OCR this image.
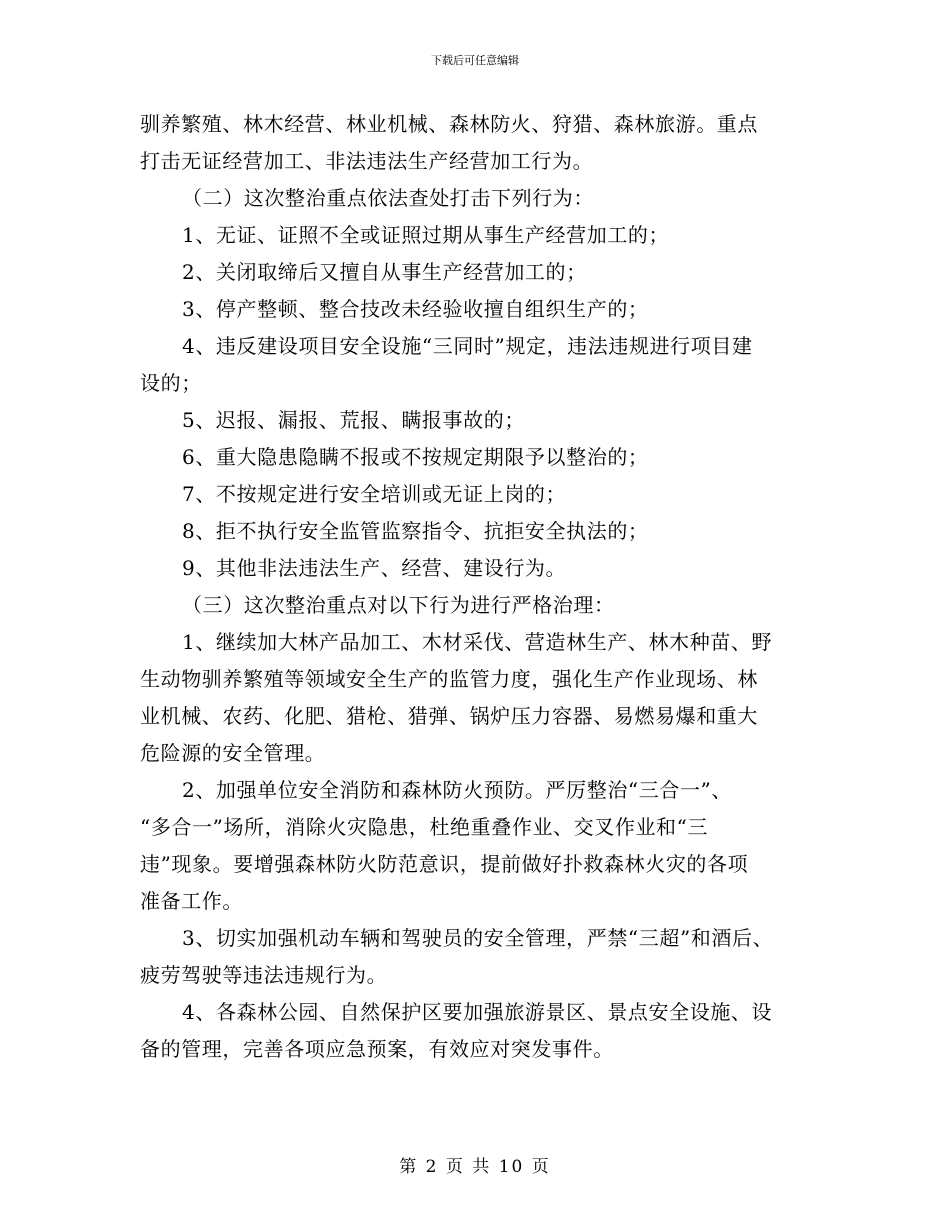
下载后可任意编辑

驯养繁殖、林木经营、林业机械、森林防火、狩猎、森林旅游。重点

打击无证经营加工、非法违法生产经营加工行为。

（二）这次整治重点依法查处打击下列行为：

1、无证、证照不全或证照过期从事生产经营加工的；

2、关闭取缔后又擅自从事生产经营加工的；

3、停产整顿、整合技改未经验收擅自组织生产的；

4、违反建设项目安全设施“三同时”规定，违法违规进行项目建

设的；

5、迟报、漏报、荒报、瞒报事故的；

6、重大隐患隐瞒不报或不按规定期限予以整治的；

7、不按规定进行安全培训或无证上岗的；

8、拒不执行安全监管监察指令、抗拒安全执法的；

9、其他非法违法生产、经营、建设行为。

（三）这次整治重点对以下行为进行严格治理：

1、继续加大林产品加工、木材采伐、营造林生产、林木种苗、野

生动物驯养繁殖等领域安全生产的监管力度，强化生产作业现场、林

业机械、农药、化肥、猎枪、猎弹、锅炉压力容器、易燃易爆和重大

危险源的安全管理。

2、加强单位安全消防和森林防火预防。严厉整治“三合一”、

“多合一”场所，消除火灾隐患，杜绝重叠作业、交叉作业和“三

违”现象。要增强森林防火防范意识，提前做好扑救森林火灾的各项

准备工作。

3、切实加强机动车辆和驾驶员的安全管理，严禁“三超”和酒后、

疲劳驾驶等违法违规行为。

4、各森林公园、自然保护区要加强旅游景区、景点安全设施、设

备的管理，完善各项应急预案，有效应对突发事件。

第 2 页 共 10 页
